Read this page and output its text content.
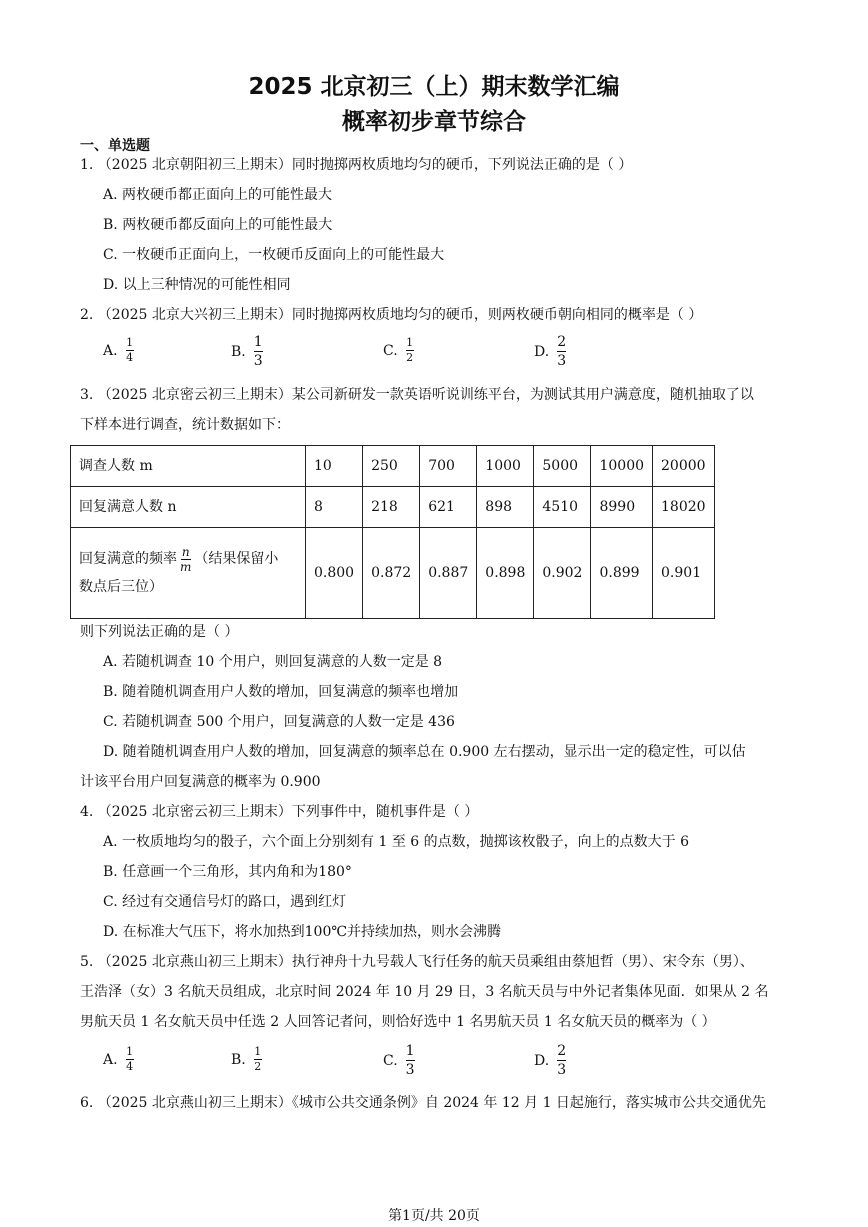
2025 北京初三（上）期末数学汇编
概率初步章节综合
一、单选题
1. （2025 北京朝阳初三上期末）同时抛掷两枚质地均匀的硬币，下列说法正确的是（ ）
A. 两枚硬币都正面向上的可能性最大
B. 两枚硬币都反面向上的可能性最大
C. 一枚硬币正面向上，一枚硬币反面向上的可能性最大
D. 以上三种情况的可能性相同
2. （2025 北京大兴初三上期末）同时抛掷两枚质地均匀的硬币，则两枚硬币朝向相同的概率是（ ）
A. $\frac{1}{4}$	B. $\frac{1}{3}$	C. $\frac{1}{2}$	D. $\frac{2}{3}$
3. （2025 北京密云初三上期末）某公司新研发一款英语听说训练平台，为测试其用户满意度，随机抽取了以
下样本进行调查，统计数据如下：
调查人数 m	10	250	700	1000	5000	10000	20000
回复满意人数 n	8	218	621	898	4510	8990	18020
回复满意的频率 $\frac{n}{m}$ （结果保留小
数点后三位）	0.800	0.872	0.887	0.898	0.902	0.899	0.901
则下列说法正确的是（ ）
A. 若随机调查 10 个用户，则回复满意的人数一定是 8
B. 随着随机调查用户人数的增加，回复满意的频率也增加
C. 若随机调查 500 个用户，回复满意的人数一定是 436
D. 随着随机调查用户人数的增加，回复满意的频率总在 0.900 左右摆动，显示出一定的稳定性，可以估
计该平台用户回复满意的概率为 0.900
4. （2025 北京密云初三上期末）下列事件中，随机事件是（ ）
A. 一枚质地均匀的骰子，六个面上分别刻有 1 至 6 的点数，抛掷该枚骰子，向上的点数大于 6
B. 任意画一个三角形，其内角和为180°
C. 经过有交通信号灯的路口，遇到红灯
D. 在标准大气压下，将水加热到100℃并持续加热，则水会沸腾
5. （2025 北京燕山初三上期末）执行神舟十九号载人飞行任务的航天员乘组由蔡旭哲（男）、宋令东（男）、
王浩泽（女）3 名航天员组成，北京时间 2024 年 10 月 29 日，3 名航天员与中外记者集体见面．如果从 2 名
男航天员 1 名女航天员中任选 2 人回答记者问，则恰好选中 1 名男航天员 1 名女航天员的概率为（ ）
A. $\frac{1}{4}$	B. $\frac{1}{2}$	C. $\frac{1}{3}$	D. $\frac{2}{3}$
6. （2025 北京燕山初三上期末）《城市公共交通条例》自 2024 年 12 月 1 日起施行，落实城市公共交通优先
第1页/共 20页
